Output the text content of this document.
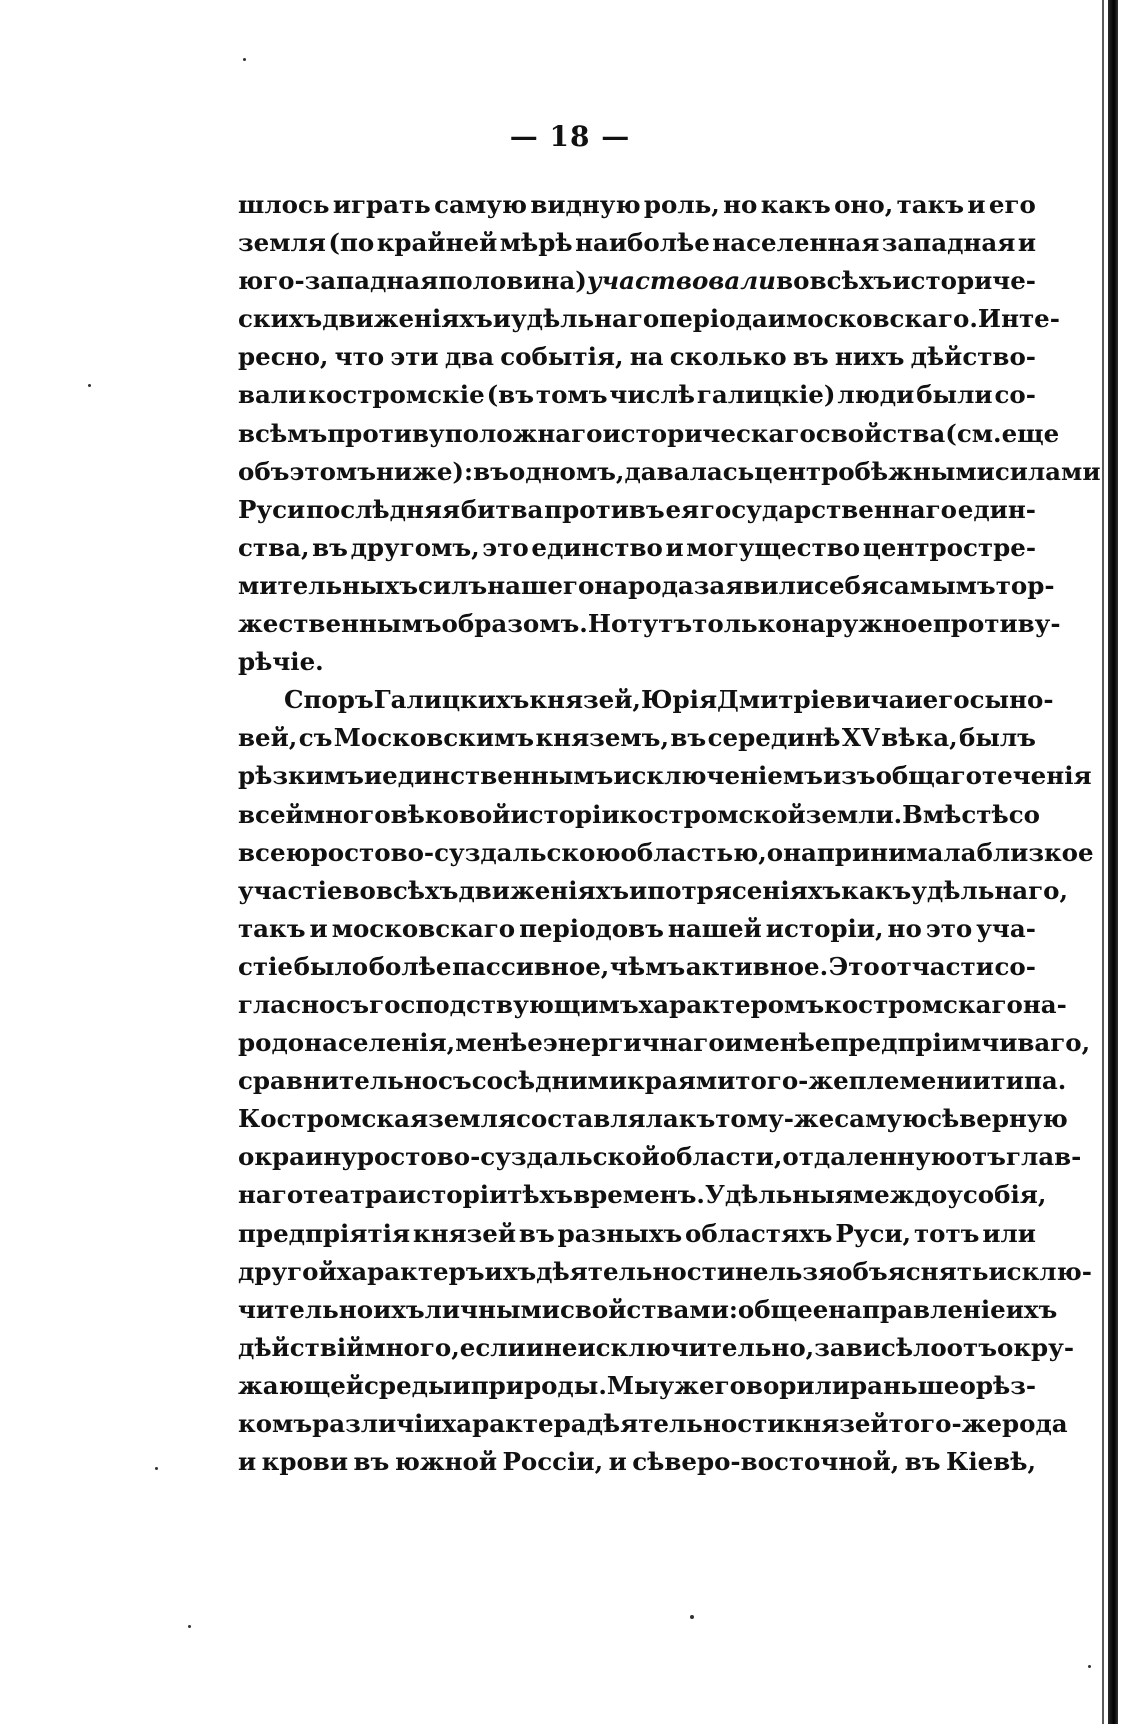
— 18 —
шлось играть самую видную роль, но какъ оно, такъ и его
земля (по крайней мѣрѣ наиболѣе населенная западная и
юго-западная половина) участвовали во всѣхъ историче-
скихъ движеніяхъ и удѣльнаго періода и московскаго. Инте-
ресно, что эти два событія, на сколько въ нихъ дѣйство-
вали костромскіе (въ томъ числѣ галицкіе) люди были со-
всѣмъ противуположнаго историческаго свойства (см. еще
объ этомъ ниже): въ одномъ, давалась центробѣжными силами
Руси послѣдняя битва противъ ея государственнаго един-
ства, въ другомъ, это единство и могущество центростре-
мительныхъ силъ нашего народа заявили себя самымъ тор-
жественнымъ образомъ. Но тутъ только наружное противу-
рѣчіе.
Споръ Галицкихъ князей, Юрія Дмитріевича и его сыно-
вей, съ Московскимъ княземъ, въ серединѣ XV вѣка, былъ
рѣзкимъ и единственнымъ исключеніемъ изъ общаго теченія
всей многовѣковой исторіи костромской земли. Вмѣстѣ со
всею ростово-суздальскою областью, она принимала близкое
участіе во всѣхъ движеніяхъ и потрясеніяхъ какъ удѣльнаго,
такъ и московскаго періодовъ нашей исторіи, но это уча-
стіе было болѣе пассивное, чѣмъ активное. Это отчасти со-
гласно съ господствующимъ характеромъ костромскаго на-
родонаселенія, менѣе энергичнаго и менѣе предпріимчиваго,
сравнительно съ сосѣдними краями того-же племени и типа.
Костромская земля составляла къ тому-же самую сѣверную
окраину ростово-суздальской области, отдаленную отъ глав-
наго театра исторіи тѣхъ временъ. Удѣльныя междоусобія,
предпріятія князей въ разныхъ областяхъ Руси, тотъ или
другой характеръ ихъ дѣятельности нельзя объяснять исклю-
чительно ихъ личными свойствами: общее направленіе ихъ
дѣйствій много, если и не исключительно, зависѣло отъ окру-
жающей среды и природы. Мы уже говорили раньше о рѣз-
комъ различіи характера дѣятельности князей того-же рода
и крови въ южной Россіи, и сѣверо-восточной, въ Кіевѣ,
